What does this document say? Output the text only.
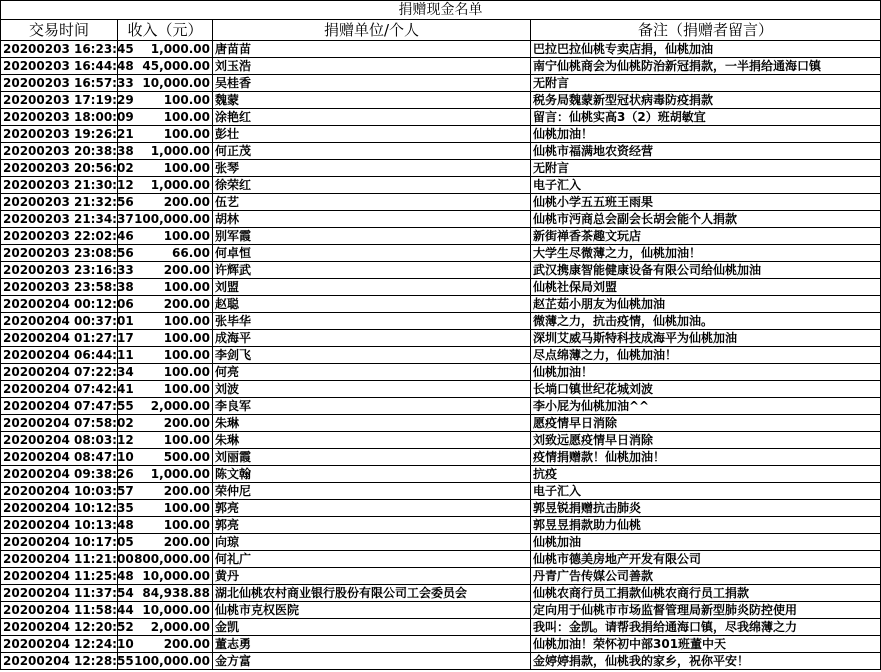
捐赠现金名单			
交易时间	收入（元）	捐赠单位/个人	备注（捐赠者留言）
20200203 16:23:45	1,000.00	唐苗苗	巴拉巴拉仙桃专卖店捐，仙桃加油
20200203 16:44:48	45,000.00	刘玉浩	南宁仙桃商会为仙桃防治新冠捐款，一半捐给通海口镇
20200203 16:57:33	10,000.00	吴桂香	无附言
20200203 17:19:29	100.00	魏蒙	税务局魏蒙新型冠状病毒防疫捐款
20200203 18:00:09	100.00	涂艳红	留言：仙桃实高3（2）班胡敏宜
20200203 19:26:21	100.00	彭壮	仙桃加油！
20200203 20:38:38	1,000.00	何正茂	仙桃市福满地农资经营
20200203 20:56:02	100.00	张琴	无附言
20200203 21:30:12	1,000.00	徐荣红	电子汇入
20200203 21:32:56	200.00	伍艺	仙桃小学五五班王雨果
20200203 21:34:37	100,000.00	胡林	仙桃市沔商总会副会长胡会能个人捐款
20200203 22:02:46	100.00	别军霞	新街禅香茶趣文玩店
20200203 23:08:56	66.00	何卓恒	大学生尽微薄之力，仙桃加油！
20200203 23:16:33	200.00	许辉武	武汉携康智能健康设备有限公司给仙桃加油
20200203 23:58:38	100.00	刘盟	仙桃社保局刘盟
20200204 00:12:06	200.00	赵聪	赵芷茹小朋友为仙桃加油
20200204 00:37:01	100.00	张毕华	微薄之力，抗击疫情，仙桃加油。
20200204 01:27:17	100.00	成海平	深圳艾威马斯特科技成海平为仙桃加油
20200204 06:44:11	100.00	李剑飞	尽点绵薄之力，仙桃加油！
20200204 07:22:34	100.00	何亮	仙桃加油！
20200204 07:42:41	100.00	刘波	长埫口镇世纪花城刘波
20200204 07:47:55	2,000.00	李良军	李小屁为仙桃加油^^
20200204 07:58:02	200.00	朱琳	愿疫情早日消除
20200204 08:03:12	100.00	朱琳	刘致远愿疫情早日消除
20200204 08:47:10	500.00	刘丽霞	疫情捐赠款！仙桃加油！
20200204 09:38:26	1,000.00	陈文翰	抗疫
20200204 10:03:57	200.00	荣仲尼	电子汇入
20200204 10:12:35	100.00	郭亮	郭昱锐捐赠抗击肺炎
20200204 10:13:48	100.00	郭亮	郭昱昱捐款助力仙桃
20200204 10:17:05	200.00	向琼	仙桃加油
20200204 11:21:00	800,000.00	何礼广	仙桃市德美房地产开发有限公司
20200204 11:25:48	10,000.00	黄丹	丹青广告传媒公司善款
20200204 11:37:54	84,938.88	湖北仙桃农村商业银行股份有限公司工会委员会	仙桃农商行员工捐款仙桃农商行员工捐款
20200204 11:58:44	10,000.00	仙桃市克权医院	定向用于仙桃市市场监督管理局新型肺炎防控使用
20200204 12:20:52	2,000.00	金凯	我叫：金凯。请帮我捐给通海口镇，尽我绵薄之力
20200204 12:24:10	200.00	董志勇	仙桃加油！荣怀初中部301班董中天
20200204 12:28:55	100,000.00	金方富	金婷婷捐款，仙桃我的家乡，祝你平安！
